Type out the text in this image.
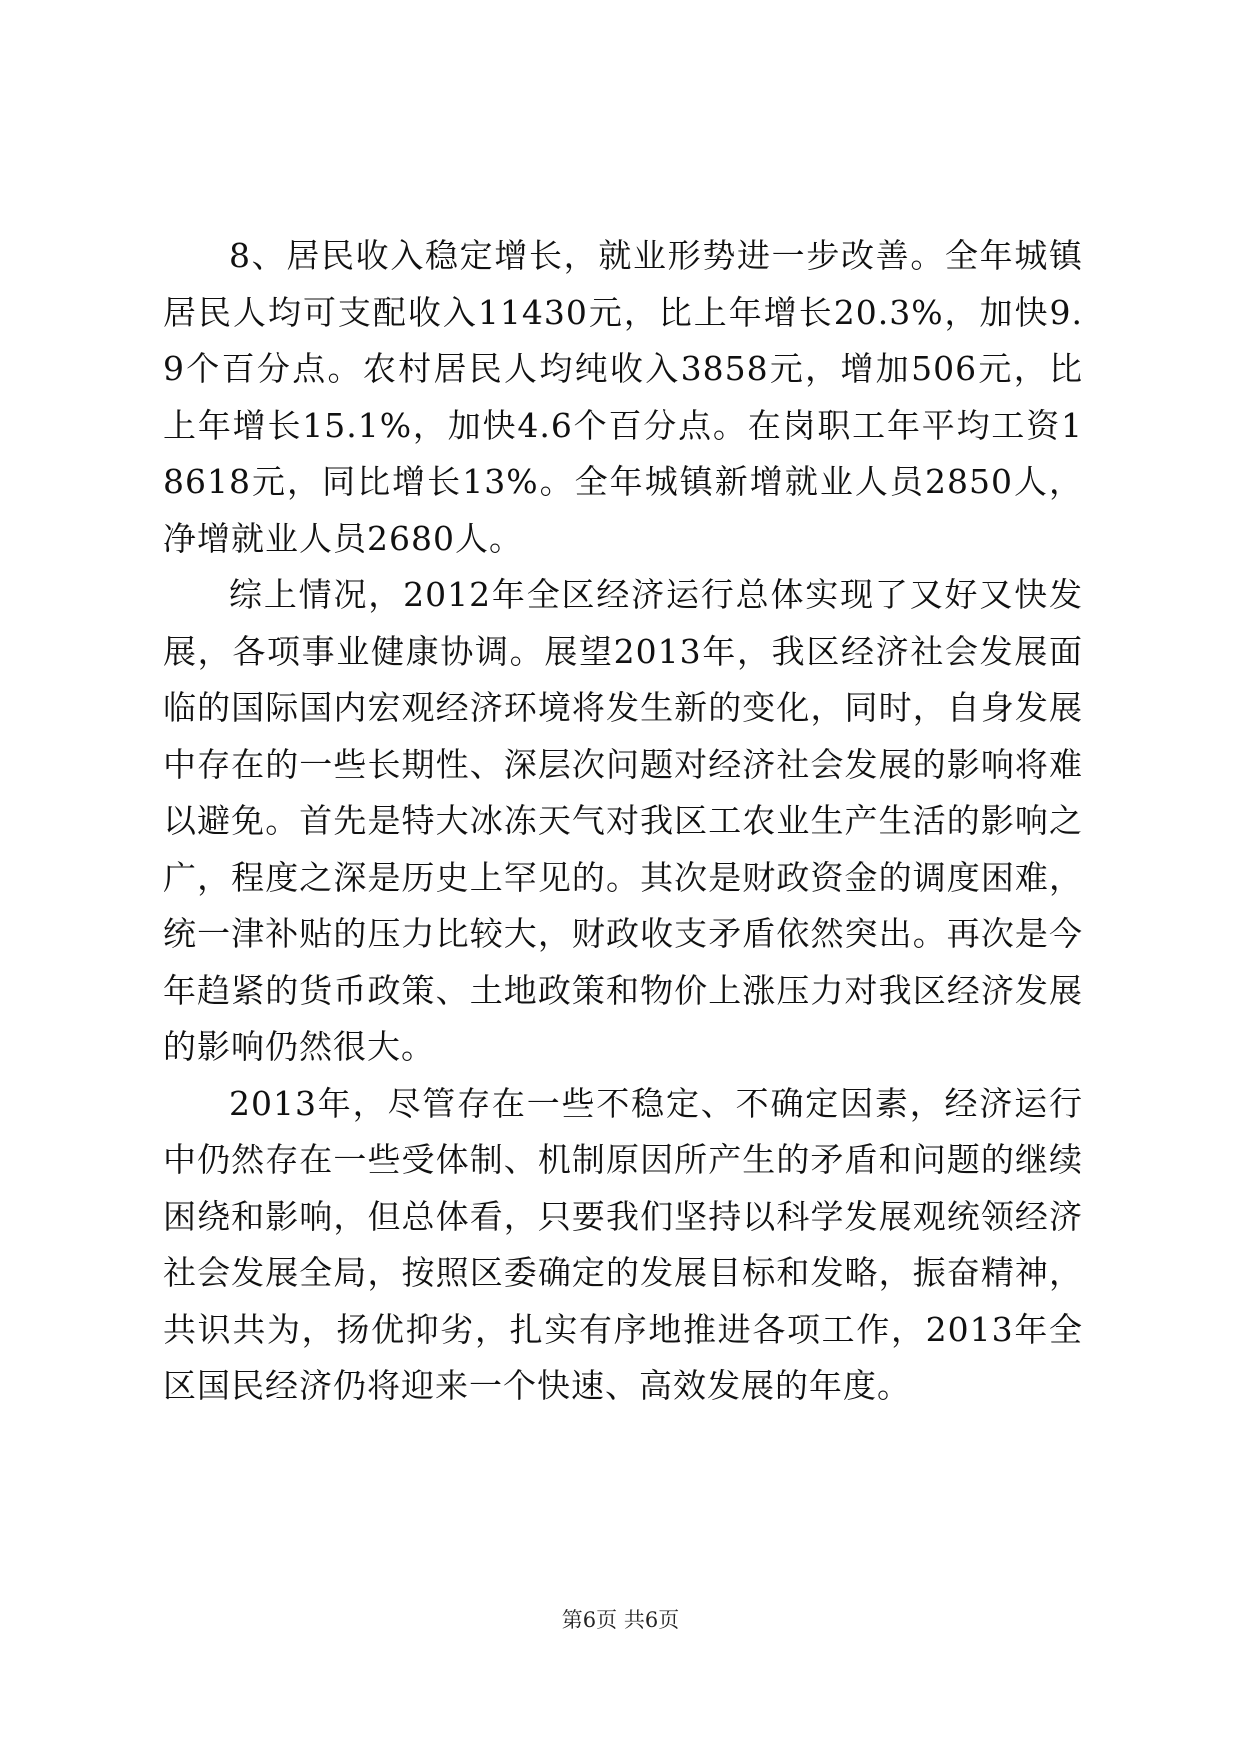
8、居民收入稳定增长，就业形势进一步改善。全年城镇居民人均可支配收入11430元，比上年增长20.3%，加快9.9个百分点。农村居民人均纯收入3858元，增加506元，比上年增长15.1%，加快4.6个百分点。在岗职工年平均工资18618元，同比增长13%。全年城镇新增就业人员2850人，净增就业人员2680人。

综上情况，2012年全区经济运行总体实现了又好又快发展，各项事业健康协调。展望2013年，我区经济社会发展面临的国际国内宏观经济环境将发生新的变化，同时，自身发展中存在的一些长期性、深层次问题对经济社会发展的影响将难以避免。首先是特大冰冻天气对我区工农业生产生活的影响之广，程度之深是历史上罕见的。其次是财政资金的调度困难，统一津补贴的压力比较大，财政收支矛盾依然突出。再次是今年趋紧的货币政策、土地政策和物价上涨压力对我区经济发展的影响仍然很大。

2013年，尽管存在一些不稳定、不确定因素，经济运行中仍然存在一些受体制、机制原因所产生的矛盾和问题的继续困绕和影响，但总体看，只要我们坚持以科学发展观统领经济社会发展全局，按照区委确定的发展目标和发略，振奋精神，共识共为，扬优抑劣，扎实有序地推进各项工作，2013年全区国民经济仍将迎来一个快速、高效发展的年度。

第6页 共6页
